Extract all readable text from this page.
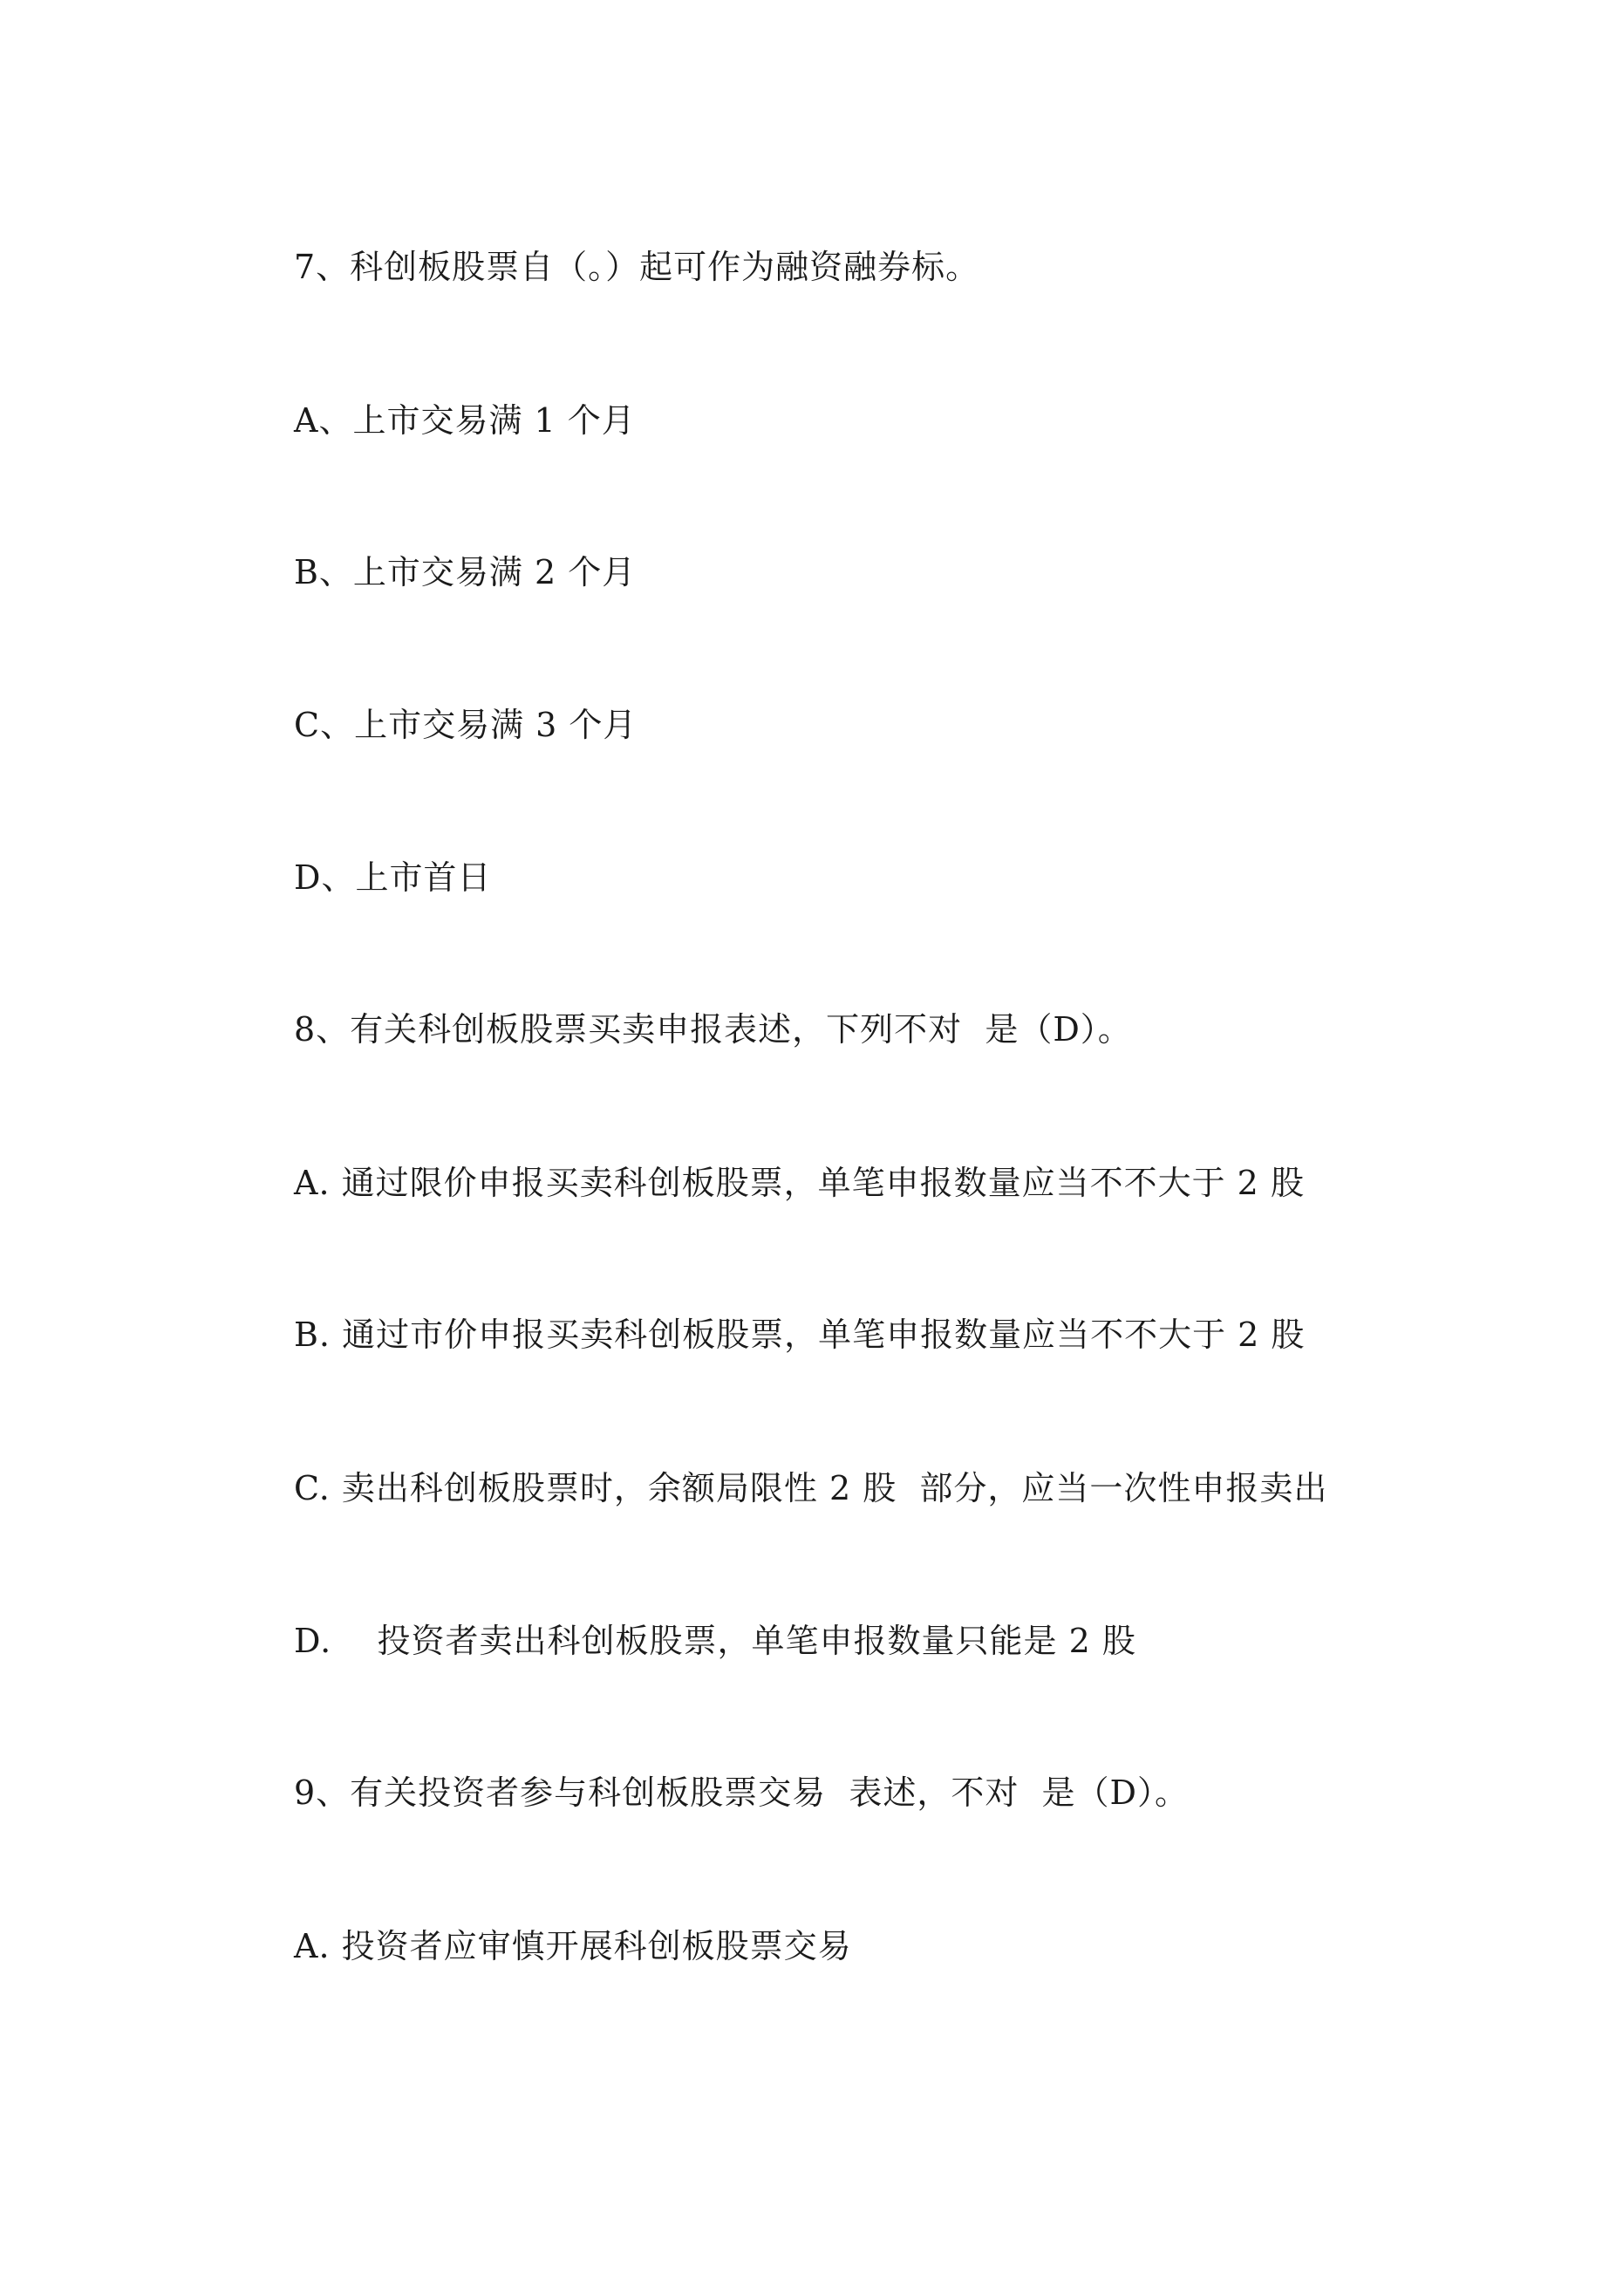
7、科创板股票自（。）起可作为融资融券标。
A、上市交易满 1 个月
B、上市交易满 2 个月
C、上市交易满 3 个月
D、上市首日
8、有关科创板股票买卖申报表述，下列不对  是（D）。
A. 通过限价申报买卖科创板股票，单笔申报数量应当不不大于 2 股
B. 通过市价申报买卖科创板股票，单笔申报数量应当不不大于 2 股
C. 卖出科创板股票时，余额局限性 2 股  部分，应当一次性申报卖出
D.    投资者卖出科创板股票，单笔申报数量只能是 2 股
9、有关投资者参与科创板股票交易  表述，不对  是（D）。
A. 投资者应审慎开展科创板股票交易
